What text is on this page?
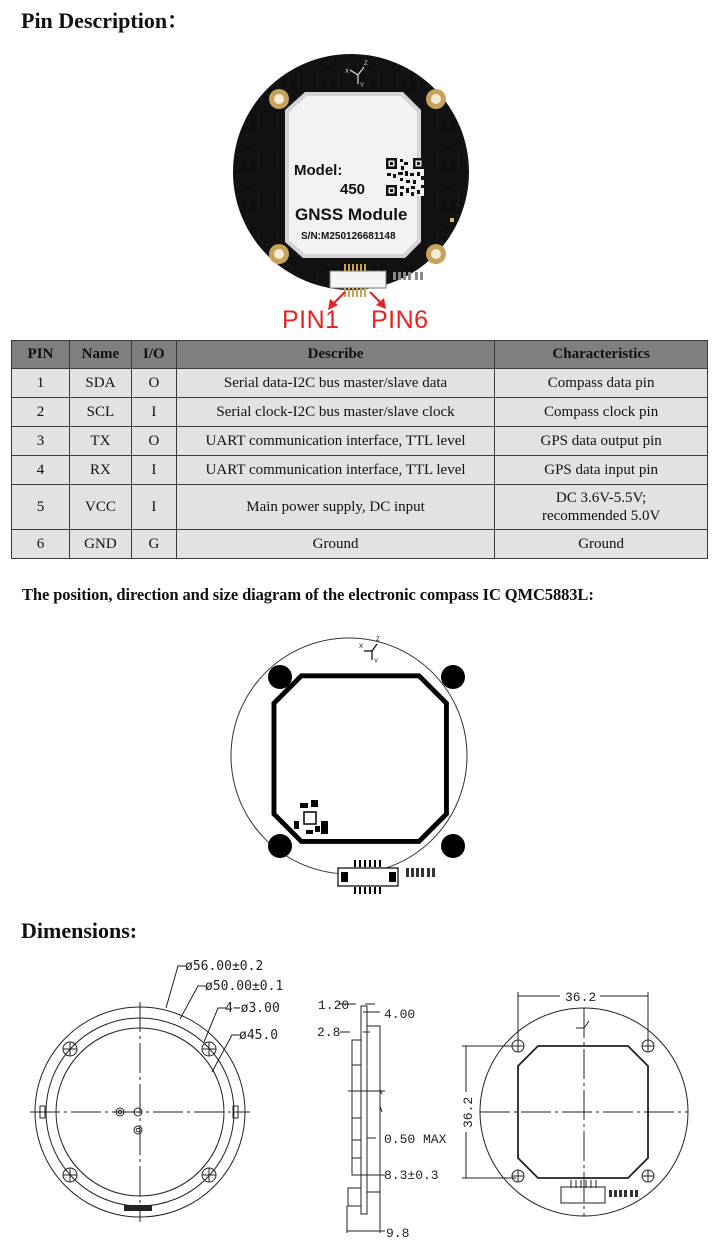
Pin Description：
X
Z
Y
Model:
450
GNSS Module
S/N:M250126681148
PIN1 PIN6
PIN	Name	I/O	Describe	Characteristics
1	SDA	O	Serial data-I2C bus master/slave data	Compass data pin
2	SCL	I	Serial clock-I2C bus master/slave clock	Compass clock pin
3	TX	O	UART communication interface, TTL level	GPS data output pin
4	RX	I	UART communication interface, TTL level	GPS data input pin
5	VCC	I	Main power supply, DC input	DC 3.6V-5.5V;
recommended 5.0V

6	GND	G	Ground	Ground
The position, direction and size diagram of the electronic compass IC QMC5883L:
X
Z
Y
Dimensions:
ø56.00±0.2
ø50.00±0.1
4−ø3.00
ø45.0
1.20
4.00
2.8
0.50 MAX
8.3±0.3
9.8
36.2
36.2
